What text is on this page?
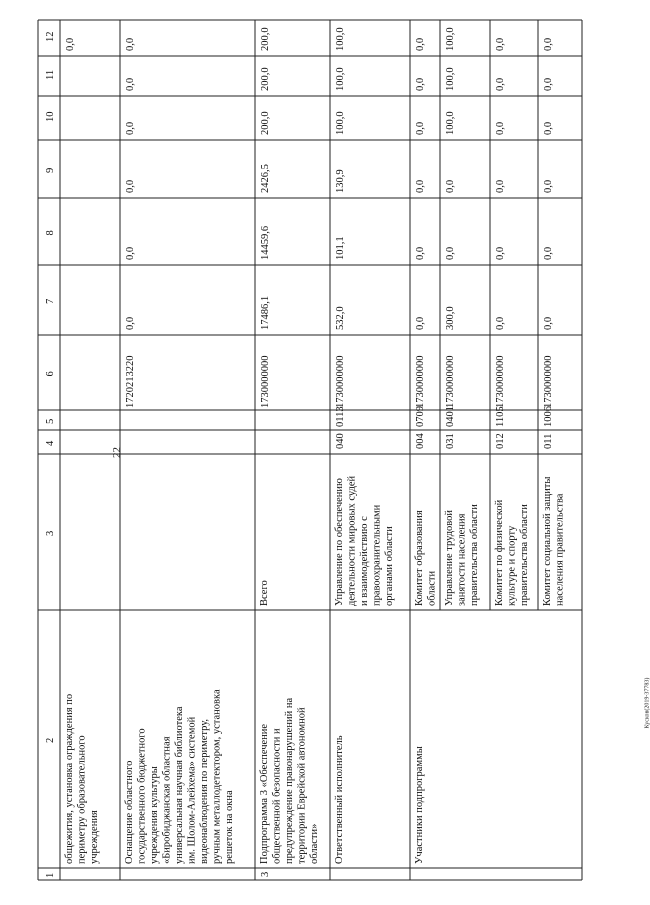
22
Кусков(2019-37783)
1
2
3
4
5
6
7
8
9
10
11
12
общежития, установка ограждения по периметру образовательного учреждения
0,0
Оснащение областного государственного бюджетного учреждения культуры «Биробиджанская областная универсальная научная библиотека им. Шолом-Алейхема» системой видеонаблюдения по периметру, ручным металлодетектором, установка решеток на окна
1720213220
0,0
0,0
0,0
0,0
0,0
0,0
3
Подпрограмма 3 «Обеспечение общественной безопасности и предупреждение правонарушений на территории Еврейской автономной области»
Всего
1730000000
17486,1
14459,6
2426,5
200,0
200,0
200,0
Ответственный исполнитель
Управление по обеспечению деятельности мировых судей и взаимодействию с правоохранительными органами области
040
0113
1730000000
532,0
101,1
130,9
100,0
100,0
100,0
Участники подпрограммы
Комитет образования области
004
0709
1730000000
0,0
0,0
0,0
0,0
0,0
0,0
Управление трудовой занятости населения правительства области
031
0401
1730000000
300,0
0,0
0,0
100,0
100,0
100,0
Комитет по физической культуре и спорту правительства области
012
1105
1730000000
0,0
0,0
0,0
0,0
0,0
0,0
Комитет социальной защиты населения правительства
011
1006
1730000000
0,0
0,0
0,0
0,0
0,0
0,0
